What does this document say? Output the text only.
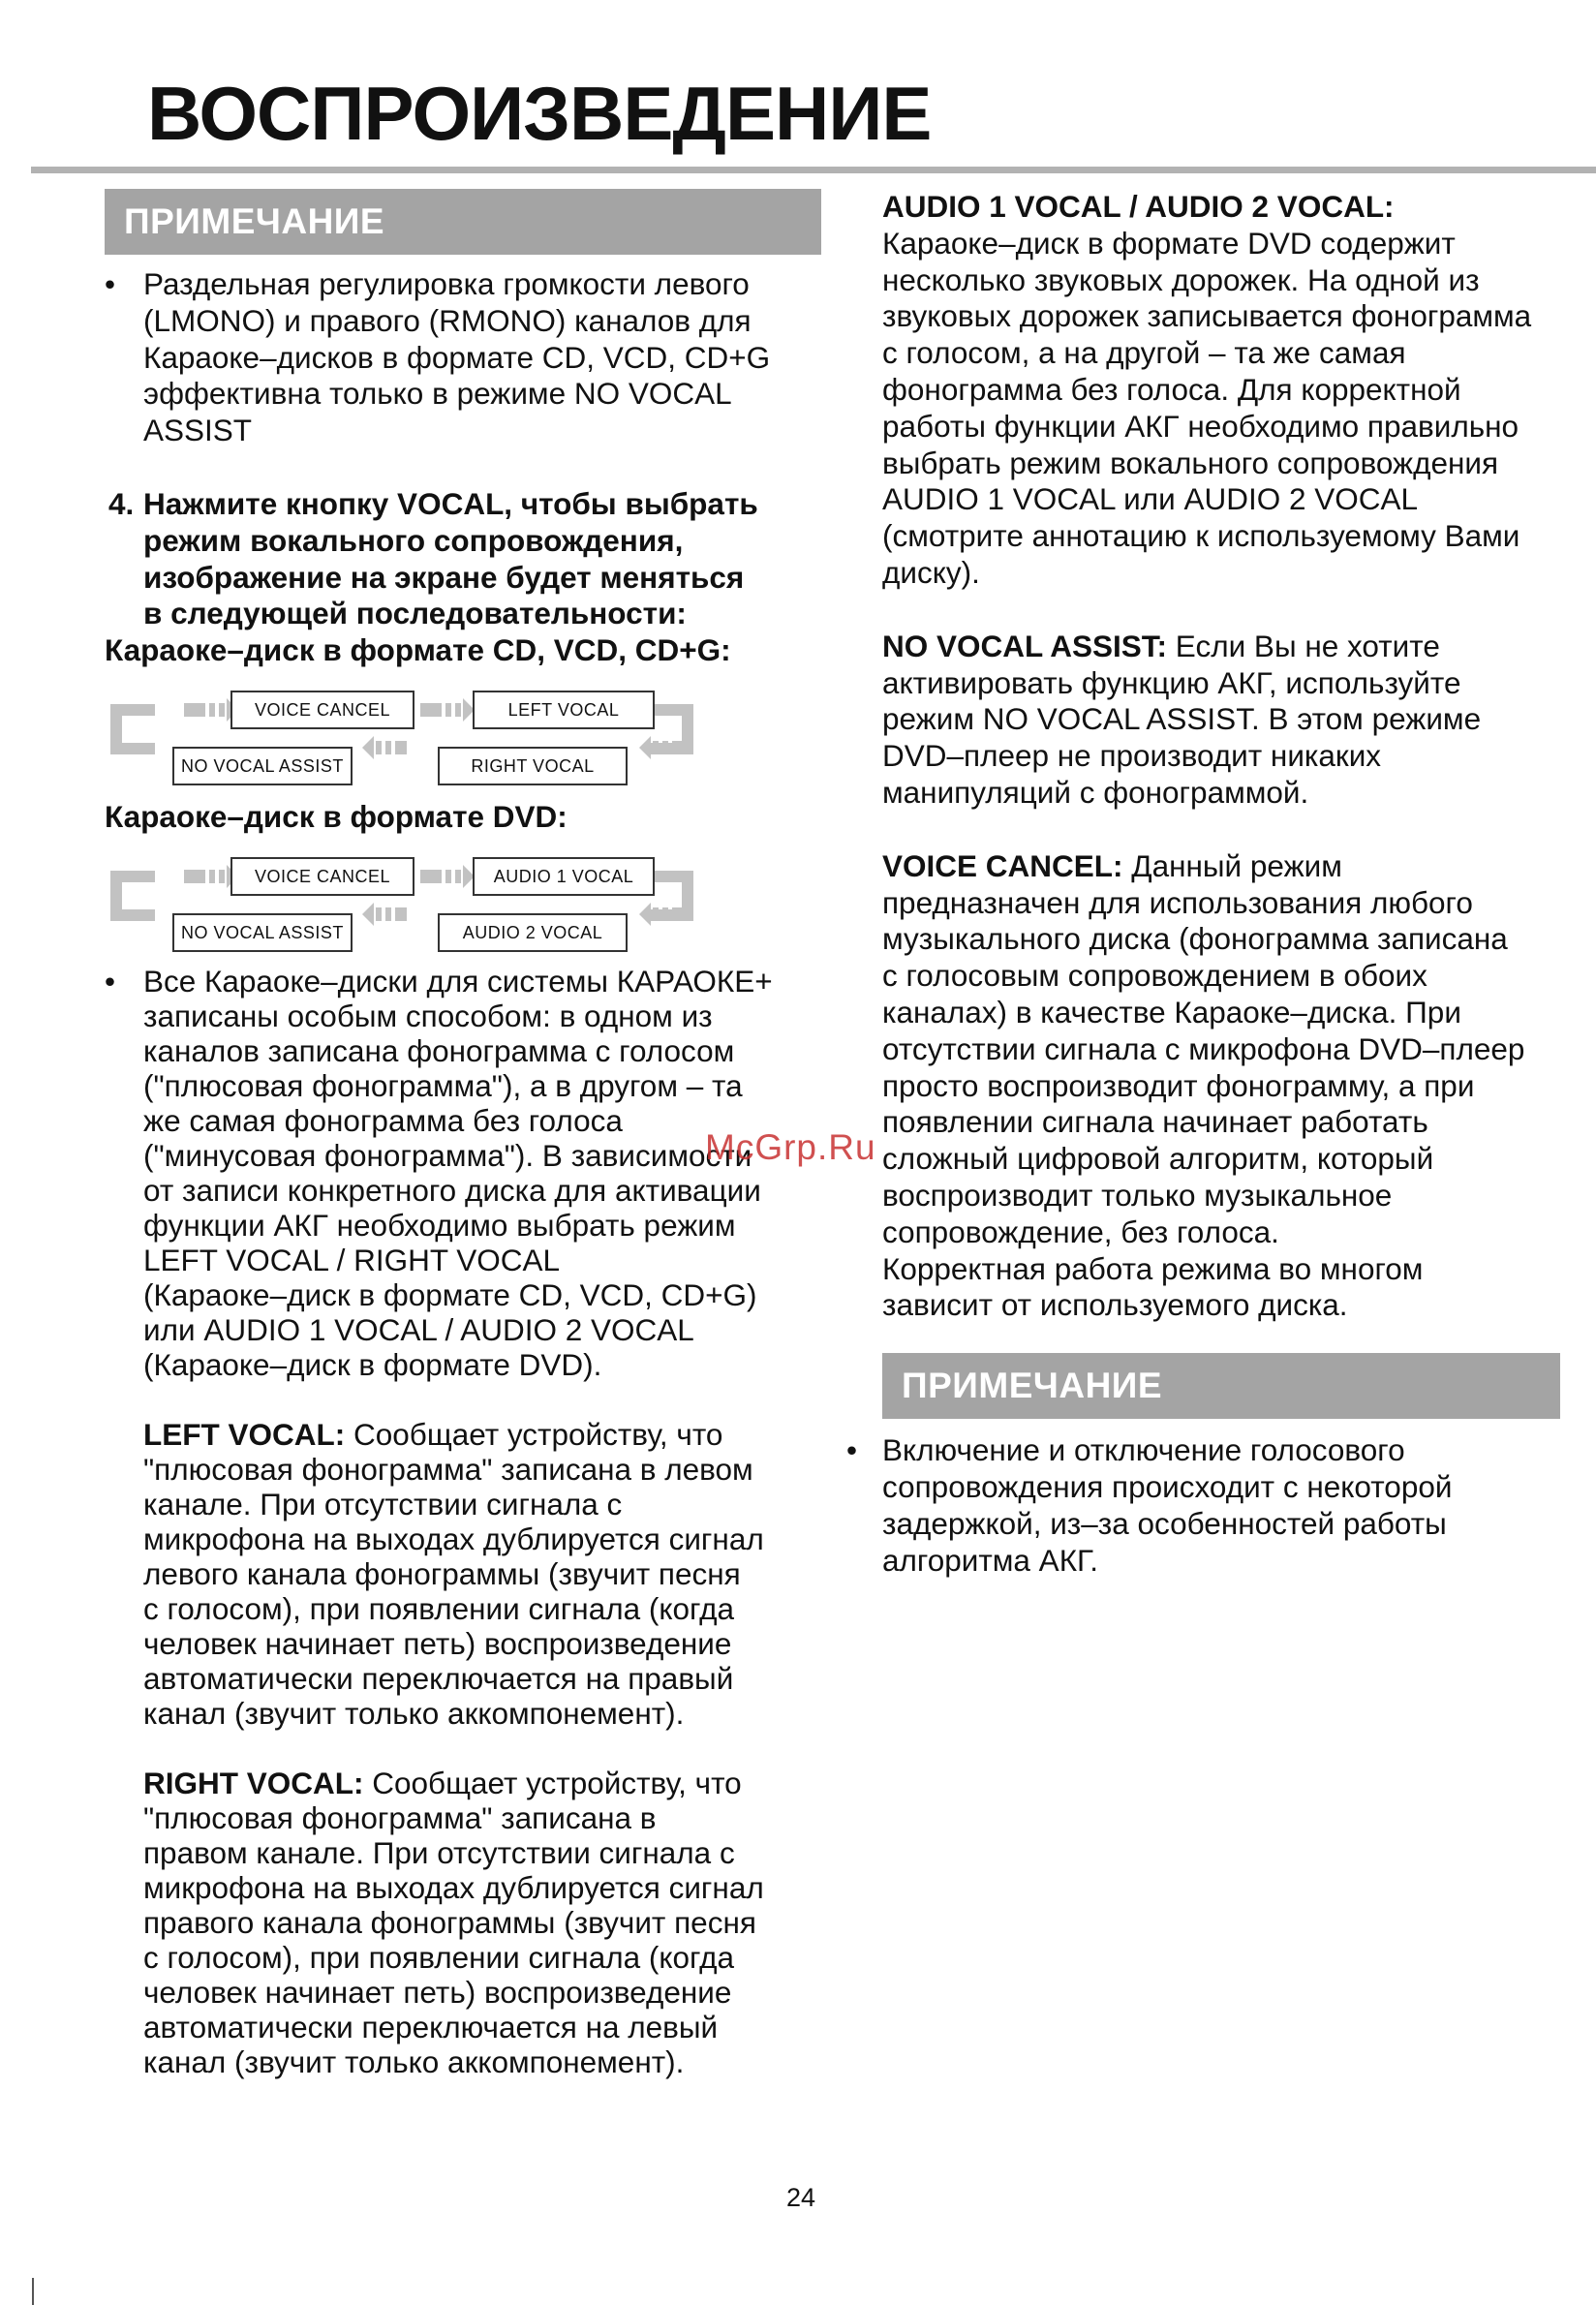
ВОСПРОИЗВЕДЕНИЕ
ПРИМЕЧАНИЕ
• Раздельная регулировка громкости левого
(LMONO) и правого (RMONO) каналов для
Караоке–дисков в формате CD, VCD, CD+G
эффективна только в режиме NO VOCAL
ASSIST
4. Нажмите кнопку VOCAL, чтобы выбрать
режим вокального сопровождения,
изображение на экране будет меняться
в следующей последовательности:

Караоке–диск в формате CD, VCD, CD+G:

VOICE CANCEL	LEFT VOCAL
NO VOCAL ASSIST	RIGHT VOCAL

Караоке–диск в формате DVD:

VOICE CANCEL	AUDIO 1 VOCAL
NO VOCAL ASSIST	AUDIO 2 VOCAL
• Все Караоке–диски для системы КАРАОКЕ+
записаны особым способом: в одном из
каналов записана фонограмма с голосом
("плюсовая фонограмма"), а в другом – та
же самая фонограмма без голоса
("минусовая фонограмма"). В зависимости
от записи конкретного диска для активации
функции АКГ необходимо выбрать режим
LEFT VOCAL / RIGHT VOCAL
(Караоке–диск в формате CD, VCD, CD+G)
или AUDIO 1 VOCAL / AUDIO 2 VOCAL
(Караоке–диск в формате DVD).
LEFT VOCAL: Сообщает устройству, что
"плюсовая фонограмма" записана в левом
канале. При отсутствии сигнала с
микрофона на выходах дублируется сигнал
левого канала фонограммы (звучит песня
с голосом), при появлении сигнала (когда
человек начинает петь) воспроизведение
автоматически переключается на правый
канал (звучит только аккомпонемент).
RIGHT VOCAL: Сообщает устройству, что
"плюсовая фонограмма" записана в
правом канале. При отсутствии сигнала с
микрофона на выходах дублируется сигнал
правого канала фонограммы (звучит песня
с голосом), при появлении сигнала (когда
человек начинает петь) воспроизведение
автоматически переключается на левый
канал (звучит только аккомпонемент).

AUDIO 1 VOCAL / AUDIO 2 VOCAL:

Караоке–диск в формате DVD содержит
несколько звуковых дорожек. На одной из
звуковых дорожек записывается фонограмма
с голосом, а на другой – та же самая
фонограмма без голоса. Для корректной
работы функции АКГ необходимо правильно
выбрать режим вокального сопровождения
AUDIO 1 VOCAL или AUDIO 2 VOCAL
(смотрите аннотацию к используемому Вами
диску).
NO VOCAL ASSIST: Если Вы не хотите
активировать функцию АКГ, используйте
режим NO VOCAL ASSIST. В этом режиме
DVD–плеер не производит никаких
манипуляций с фонограммой.
VOICE CANCEL: Данный режим
предназначен для использования любого
музыкального диска (фонограмма записана
с голосовым сопровождением в обоих
каналах) в качестве Караоке–диска. При
отсутствии сигнала с микрофона DVD–плеер
просто воспроизводит фонограмму, а при
появлении сигнала начинает работать
сложный цифровой алгоритм, который
воспроизводит только музыкальное
сопровождение, без голоса.
Корректная работа режима во многом
зависит от используемого диска.
ПРИМЕЧАНИЕ
• Включение и отключение голосового
сопровождения происходит с некоторой
задержкой, из–за особенностей работы
алгоритма АКГ.
McGrp.Ru
24
